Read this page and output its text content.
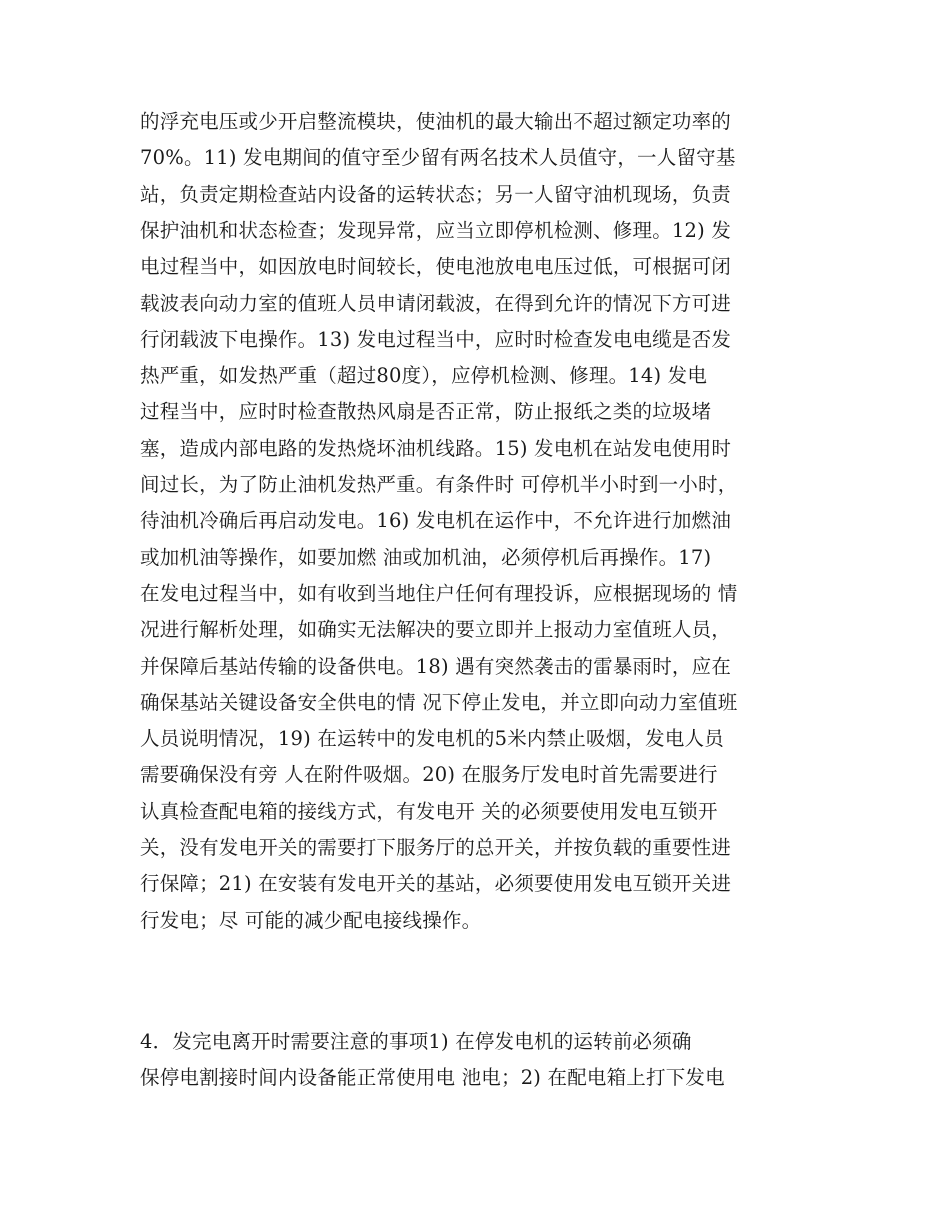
的浮充电压或少开启整流模块，使油机的最大输出不超过额定功率的
70%。11) 发电期间的值守至少留有两名技术人员值守，一人留守基
站，负责定期检查站内设备的运转状态；另一人留守油机现场，负责
保护油机和状态检查；发现异常，应当立即停机检测、修理。12) 发
电过程当中，如因放电时间较长，使电池放电电压过低，可根据可闭
载波表向动力室的值班人员申请闭载波，在得到允许的情况下方可进
行闭载波下电操作。13) 发电过程当中，应时时检查发电电缆是否发
热严重，如发热严重（超过80度），应停机检测、修理。14) 发电
过程当中，应时时检查散热风扇是否正常，防止报纸之类的垃圾堵
塞，造成内部电路的发热烧坏油机线路。15) 发电机在站发电使用时
间过长，为了防止油机发热严重。有条件时 可停机半小时到一小时，
待油机冷确后再启动发电。16) 发电机在运作中，不允许进行加燃油
或加机油等操作，如要加燃 油或加机油，必须停机后再操作。17)
在发电过程当中，如有收到当地住户任何有理投诉，应根据现场的 情
况进行解析处理，如确实无法解决的要立即并上报动力室值班人员，
并保障后基站传输的设备供电。18) 遇有突然袭击的雷暴雨时，应在
确保基站关键设备安全供电的情 况下停止发电，并立即向动力室值班
人员说明情况，19) 在运转中的发电机的5米内禁止吸烟，发电人员
需要确保没有旁 人在附件吸烟。20) 在服务厅发电时首先需要进行
认真检查配电箱的接线方式，有发电开 关的必须要使用发电互锁开
关，没有发电开关的需要打下服务厅的总开关，并按负载的重要性进
行保障；21) 在安装有发电开关的基站，必须要使用发电互锁开关进
行发电；尽 可能的减少配电接线操作。
4．发完电离开时需要注意的事项1) 在停发电机的运转前必须确
保停电割接时间内设备能正常使用电 池电；2) 在配电箱上打下发电
